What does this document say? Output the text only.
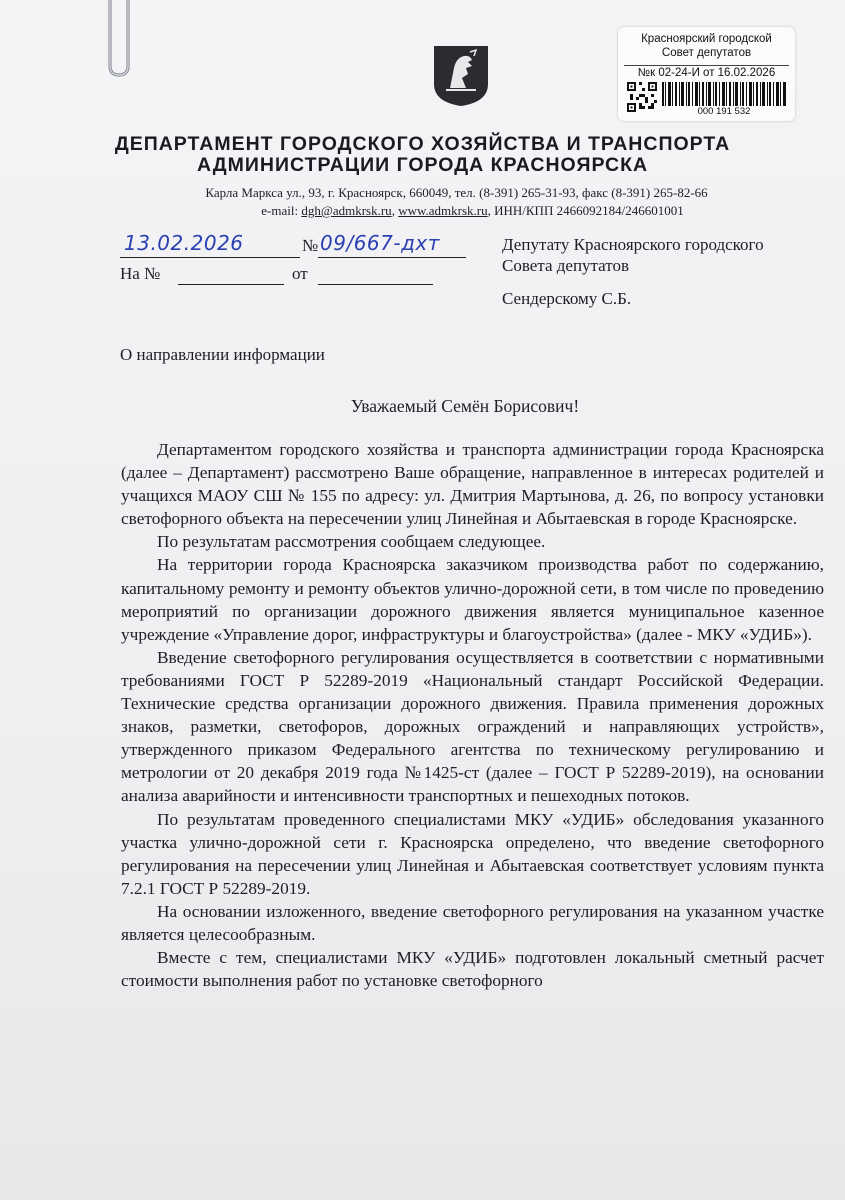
Красноярский городской
Совет депутатов
№к 02-24-И от 16.02.2026
000 191 532
ДЕПАРТАМЕНТ ГОРОДСКОГО ХОЗЯЙСТВА И ТРАНСПОРТА
АДМИНИСТРАЦИИ ГОРОДА КРАСНОЯРСКА
Карла Маркса ул., 93, г. Красноярск, 660049, тел. (8-391) 265-31-93, факс (8-391) 265-82-66
e-mail: dgh@admkrsk.ru, www.admkrsk.ru, ИНН/КПП 2466092184/246601001
13.02.2026	№ 09/667-дхт
На №	от
Депутату Красноярского городского
Совета депутатов
Сендерскому С.Б.
О направлении информации
Уважаемый Семён Борисович!

Департаментом городского хозяйства и транспорта администрации города Красноярска (далее – Департамент) рассмотрено Ваше обращение, направленное в интересах родителей и учащихся МАОУ СШ № 155 по адресу: ул. Дмитрия Мартынова, д. 26, по вопросу установки светофорного объекта на пересечении улиц Линейная и Абытаевская в городе Красноярске.

По результатам рассмотрения сообщаем следующее.

На территории города Красноярска заказчиком производства работ по содержанию, капитальному ремонту и ремонту объектов улично-дорожной сети, в том числе по проведению мероприятий по организации дорожного движения является муниципальное казенное учреждение «Управление дорог, инфраструктуры и благоустройства» (далее - МКУ «УДИБ»).

Введение светофорного регулирования осуществляется в соответствии с нормативными требованиями ГОСТ Р 52289-2019 «Национальный стандарт Российской Федерации. Технические средства организации дорожного движения. Правила применения дорожных знаков, разметки, светофоров, дорожных ограждений и направляющих устройств», утвержденного приказом Федерального агентства по техническому регулированию и метрологии от 20 декабря 2019 года №1425-ст (далее – ГОСТ Р 52289-2019), на основании анализа аварийности и интенсивности транспортных и пешеходных потоков.

По результатам проведенного специалистами МКУ «УДИБ» обследования указанного участка улично-дорожной сети г. Красноярска определено, что введение светофорного регулирования на пересечении улиц Линейная и Абытаевская соответствует условиям пункта 7.2.1 ГОСТ Р 52289-2019.

На основании изложенного, введение светофорного регулирования на указанном участке является целесообразным.

Вместе с тем, специалистами МКУ «УДИБ» подготовлен локальный сметный расчет стоимости выполнения работ по установке светофорного
